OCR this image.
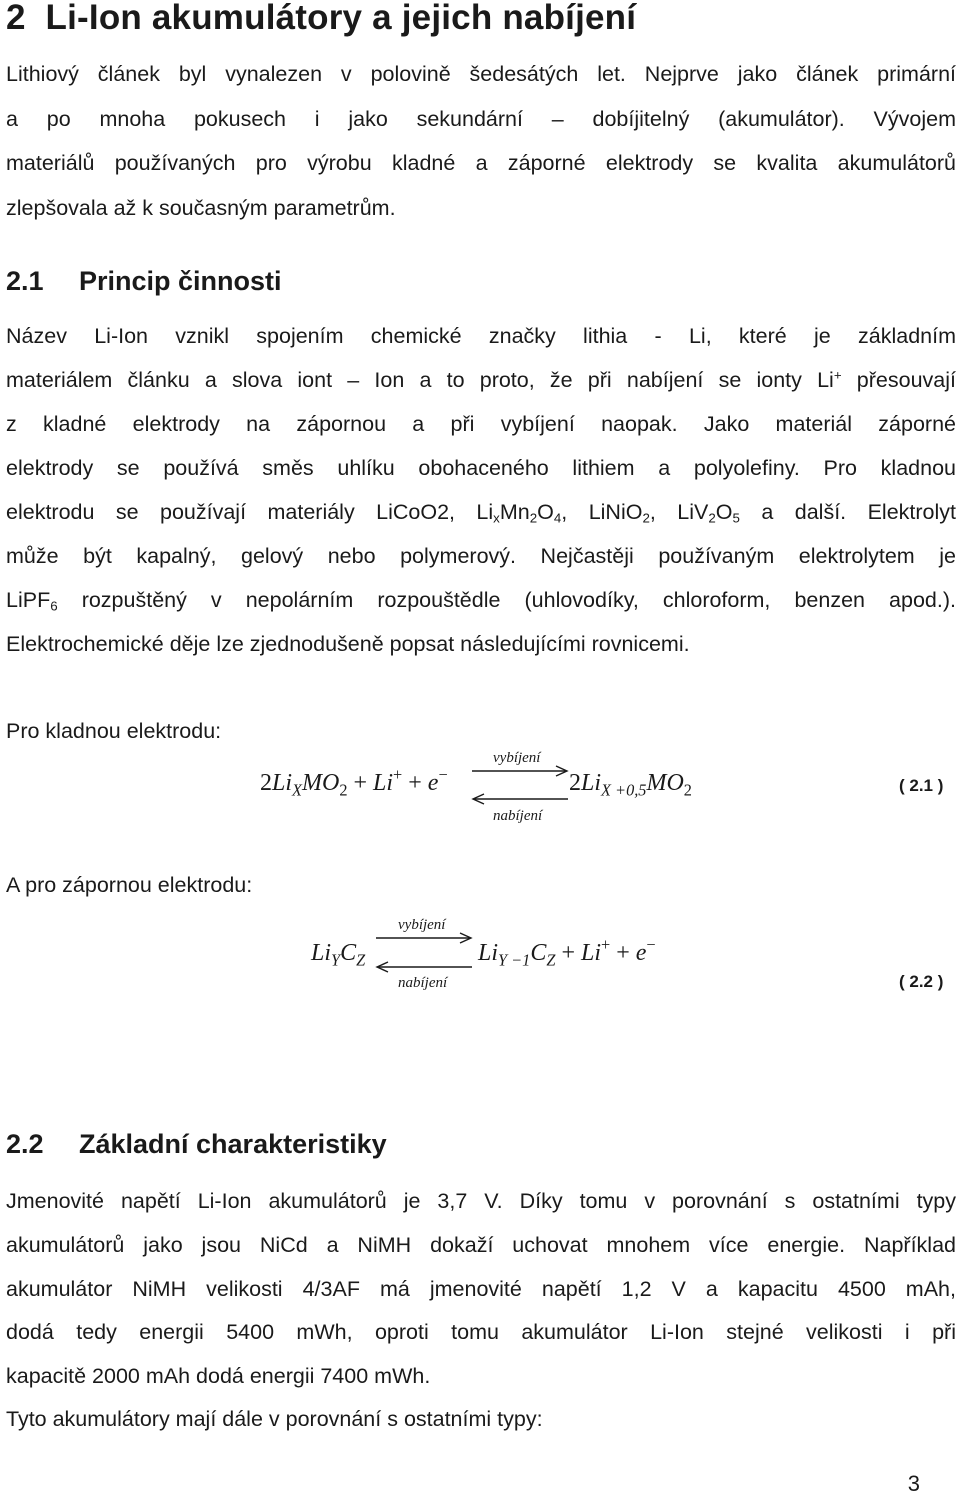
2 Li-Ion akumulátory a jejich nabíjení
Lithiový článek byl vynalezen v polovině šedesátých let. Nejprve jako článek primární
a po mnoha pokusech i jako sekundární – dobíjitelný (akumulátor). Vývojem
materiálů používaných pro výrobu kladné a záporné elektrody se kvalita akumulátorů
zlepšovala až k současným parametrům.
2.1 Princip činnosti
Název Li-Ion vznikl spojením chemické značky lithia - Li, které je základním
materiálem článku a slova iont – Ion a to proto, že při nabíjení se ionty Li+ přesouvají
z kladné elektrody na zápornou a při vybíjení naopak. Jako materiál záporné
elektrody se používá směs uhlíku obohaceného lithiem a polyolefiny. Pro kladnou
elektrodu se používají materiály LiCoO2, $Li_xMn_2O_4$, LiNiO$_2$, $LiV_2O_5$ a další. Elektrolyt
může být kapalný, gelový nebo polymerový. Nejčastěji používaným elektrolytem je
LiPF$_6$ rozpuštěný v nepolárním rozpouštědle (uhlovodíky, chloroform, benzen apod.).
Elektrochemické děje lze zjednodušeně popsat následujícími rovnicemi.
Pro kladnou elektrodu:
$2Li_XMO_2 + Li^+ + e^-$
vybíjení
nabíjení
$2Li_{X +0,5}MO_2$	( 2.1 )
A pro zápornou elektrodu:
$Li_YC_Z$
vybíjení
nabíjení
$Li_{Y -1}C_Z + Li^+ + e^-$
( 2.2 )
2.2 Základní charakteristiky
Jmenovité napětí Li-Ion akumulátorů je 3,7 V. Díky tomu v porovnání s ostatními typy
akumulátorů jako jsou NiCd a NiMH dokaží uchovat mnohem více energie. Například
akumulátor NiMH velikosti 4/3AF má jmenovité napětí 1,2 V a kapacitu 4500 mAh,
dodá tedy energii 5400 mWh, oproti tomu akumulátor Li-Ion stejné velikosti i při
kapacitě 2000 mAh dodá energii 7400 mWh.
Tyto akumulátory mají dále v porovnání s ostatními typy:
3
